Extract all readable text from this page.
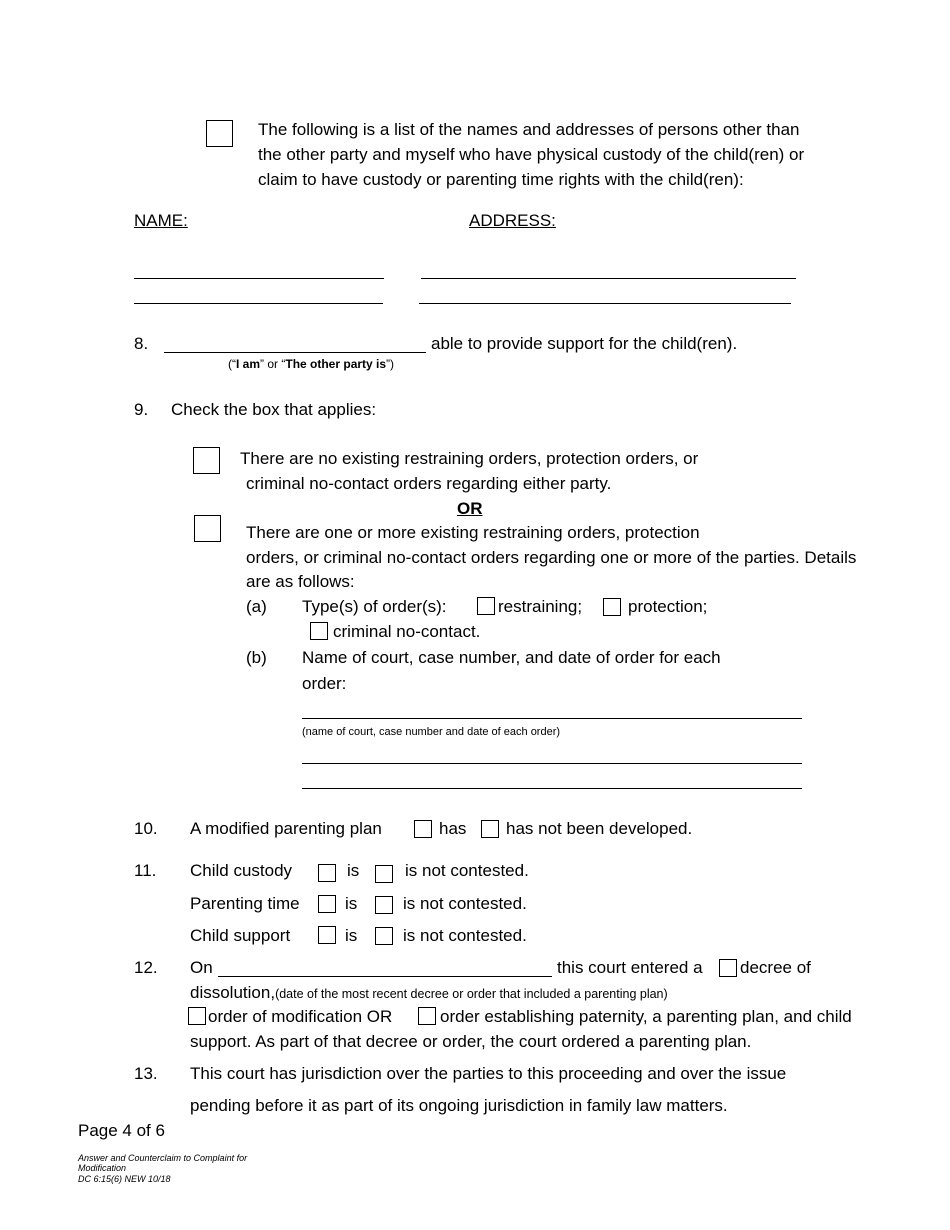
The following is a list of the names and addresses of persons other than
the other party and myself who have physical custody of the child(ren) or
claim to have custody or parenting time rights with the child(ren):
NAME:	ADDRESS:
8.	able to provide support for the child(ren).
(“I am” or “The other party is”)
9. Check the box that applies:
There are no existing restraining orders, protection orders, or
criminal no-contact orders regarding either party.
OR
There are one or more existing restraining orders, protection
orders, or criminal no-contact orders regarding one or more of the parties. Details
are as follows:
(a) Type(s) of order(s):	restraining;	protection;
criminal no-contact.
(b) Name of court, case number, and date of order for each
order:
(name of court, case number and date of each order)
10. A modified parenting plan	has has not been developed.
11. Child custody	is	is not contested.
Parenting time	is	is not contested.
Child support	is	is not contested.
12. On	this court entered a decree of
dissolution,(date of the most recent decree or order that included a parenting plan)
order of modification OR	order establishing paternity, a parenting plan, and child
support. As part of that decree or order, the court ordered a parenting plan.
13. This court has jurisdiction over the parties to this proceeding and over the issue
pending before it as part of its ongoing jurisdiction in family law matters.
Page 4 of 6
Answer and Counterclaim to Complaint for
Modification
DC 6:15(6) NEW 10/18
